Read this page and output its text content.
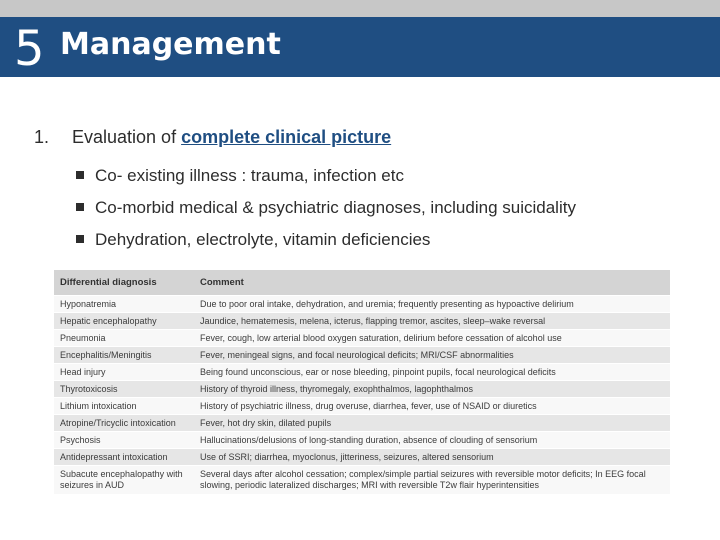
5 Management
1. Evaluation of complete clinical picture
Co- existing illness : trauma, infection etc
Co-morbid medical & psychiatric diagnoses, including suicidality
Dehydration, electrolyte, vitamin deficiencies
Differential diagnosis	Comment
Hyponatremia	Due to poor oral intake, dehydration, and uremia; frequently presenting as hypoactive delirium
Hepatic encephalopathy	Jaundice, hematemesis, melena, icterus, flapping tremor, ascites, sleep–wake reversal
Pneumonia	Fever, cough, low arterial blood oxygen saturation, delirium before cessation of alcohol use
Encephalitis/Meningitis	Fever, meningeal signs, and focal neurological deficits; MRI/CSF abnormalities
Head injury	Being found unconscious, ear or nose bleeding, pinpoint pupils, focal neurological deficits
Thyrotoxicosis	History of thyroid illness, thyromegaly, exophthalmos, lagophthalmos
Lithium intoxication	History of psychiatric illness, drug overuse, diarrhea, fever, use of NSAID or diuretics
Atropine/Tricyclic intoxication	Fever, hot dry skin, dilated pupils
Psychosis	Hallucinations/delusions of long-standing duration, absence of clouding of sensorium
Antidepressant intoxication	Use of SSRI; diarrhea, myoclonus, jitteriness, seizures, altered sensorium
Subacute encephalopathy with seizures in AUD	Several days after alcohol cessation; complex/simple partial seizures with reversible motor deficits; In EEG focal slowing, periodic lateralized discharges; MRI with reversible T2w flair hyperintensities
